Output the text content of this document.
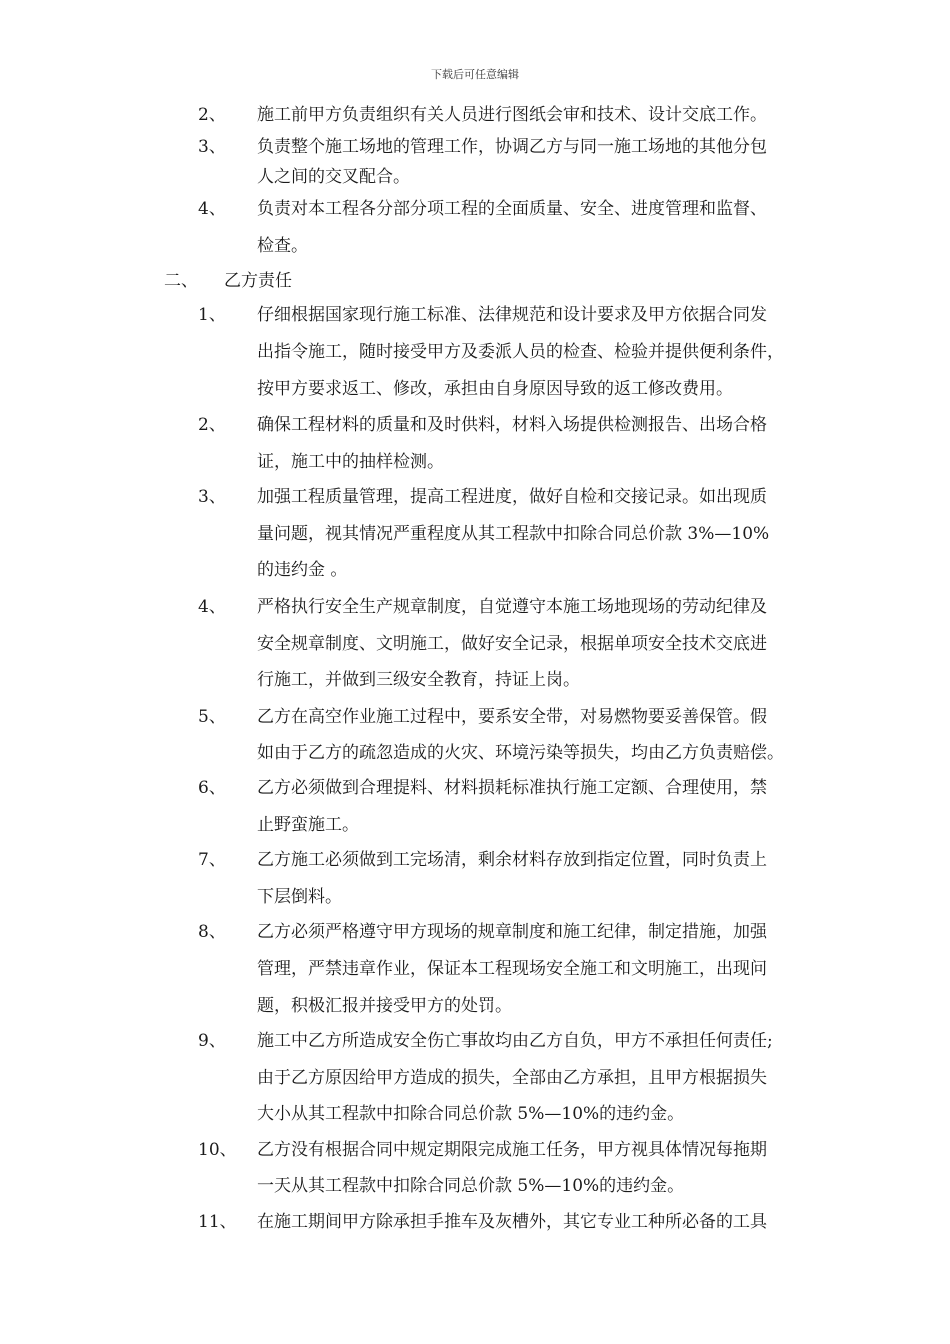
下载后可任意编辑
2、 施工前甲方负责组织有关人员进行图纸会审和技术、设计交底工作。
3、 负责整个施工场地的管理工作，协调乙方与同一施工场地的其他分包
人之间的交叉配合。
4、 负责对本工程各分部分项工程的全面质量、安全、进度管理和监督、
检查。
二、 乙方责任
1、 仔细根据国家现行施工标准、法律规范和设计要求及甲方依据合同发
出指令施工，随时接受甲方及委派人员的检查、检验并提供便利条件，
按甲方要求返工、修改，承担由自身原因导致的返工修改费用。
2、 确保工程材料的质量和及时供料，材料入场提供检测报告、出场合格
证，施工中的抽样检测。
3、 加强工程质量管理，提高工程进度，做好自检和交接记录。如出现质
量问题，视其情况严重程度从其工程款中扣除合同总价款 3%—10%
的违约金 。
4、 严格执行安全生产规章制度，自觉遵守本施工场地现场的劳动纪律及
安全规章制度、文明施工，做好安全记录，根据单项安全技术交底进
行施工，并做到三级安全教育，持证上岗。
5、 乙方在高空作业施工过程中，要系安全带，对易燃物要妥善保管。假
如由于乙方的疏忽造成的火灾、环境污染等损失，均由乙方负责赔偿。
6、 乙方必须做到合理提料、材料损耗标准执行施工定额、合理使用，禁
止野蛮施工。
7、 乙方施工必须做到工完场清，剩余材料存放到指定位置，同时负责上
下层倒料。
8、 乙方必须严格遵守甲方现场的规章制度和施工纪律，制定措施，加强
管理，严禁违章作业，保证本工程现场安全施工和文明施工，出现问
题，积极汇报并接受甲方的处罚。
9、 施工中乙方所造成安全伤亡事故均由乙方自负，甲方不承担任何责任;
由于乙方原因给甲方造成的损失，全部由乙方承担，且甲方根据损失
大小从其工程款中扣除合同总价款 5%—10%的违约金。
10、 乙方没有根据合同中规定期限完成施工任务，甲方视具体情况每拖期
一天从其工程款中扣除合同总价款 5%—10%的违约金。
11、 在施工期间甲方除承担手推车及灰槽外，其它专业工种所必备的工具
